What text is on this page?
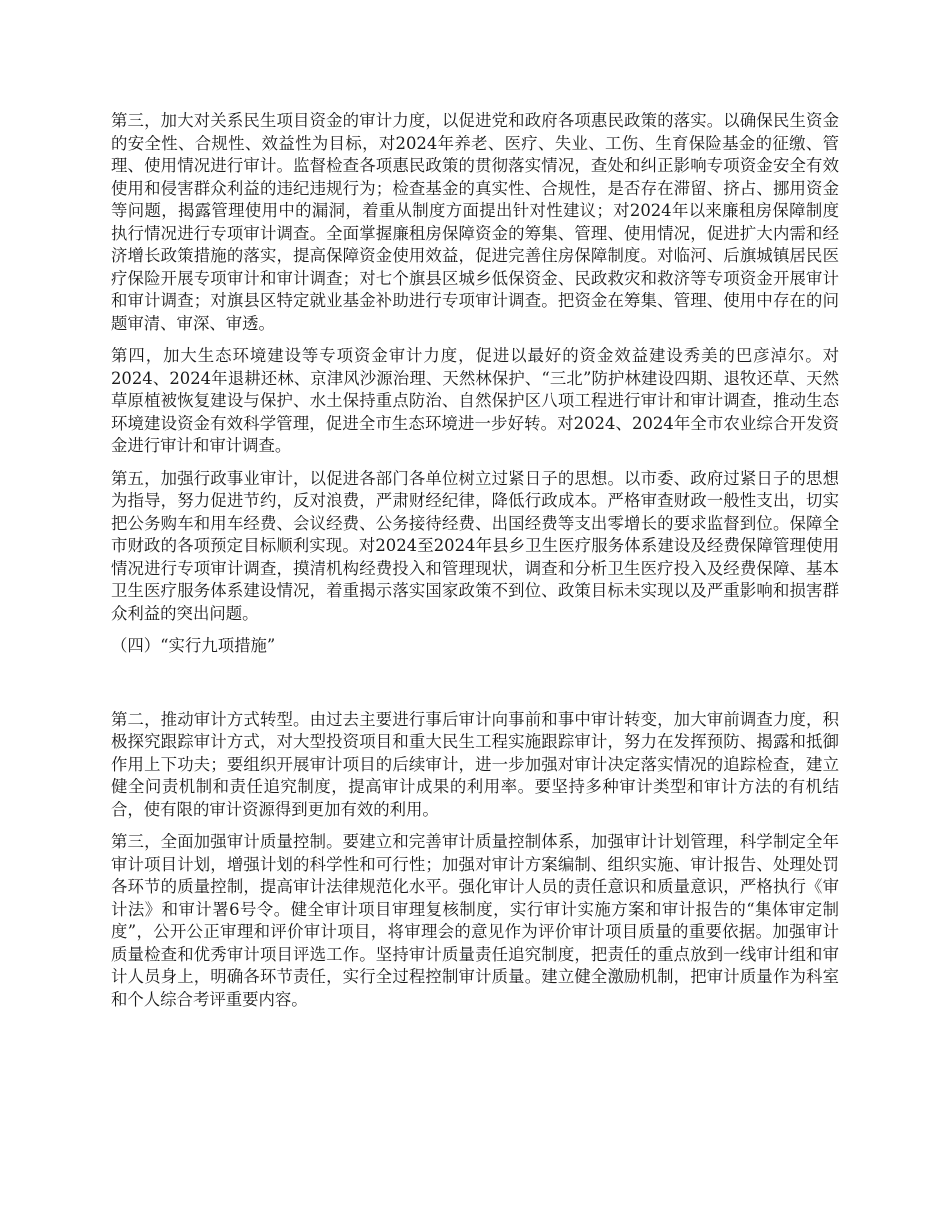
第三，加大对关系民生项目资金的审计力度，以促进党和政府各项惠民政策的落实。以确保民生资金的安全性、合规性、效益性为目标，对2024年养老、医疗、失业、工伤、生育保险基金的征缴、管理、使用情况进行审计。监督检查各项惠民政策的贯彻落实情况，查处和纠正影响专项资金安全有效使用和侵害群众利益的违纪违规行为；检查基金的真实性、合规性，是否存在滞留、挤占、挪用资金等问题，揭露管理使用中的漏洞，着重从制度方面提出针对性建议；对2024年以来廉租房保障制度执行情况进行专项审计调查。全面掌握廉租房保障资金的筹集、管理、使用情况，促进扩大内需和经济增长政策措施的落实，提高保障资金使用效益，促进完善住房保障制度。对临河、后旗城镇居民医疗保险开展专项审计和审计调查；对七个旗县区城乡低保资金、民政救灾和救济等专项资金开展审计和审计调查；对旗县区特定就业基金补助进行专项审计调查。把资金在筹集、管理、使用中存在的问题审清、审深、审透。

第四，加大生态环境建设等专项资金审计力度，促进以最好的资金效益建设秀美的巴彦淖尔。对2024、2024年退耕还林、京津风沙源治理、天然林保护、“三北”防护林建设四期、退牧还草、天然草原植被恢复建设与保护、水土保持重点防治、自然保护区八项工程进行审计和审计调查，推动生态环境建设资金有效科学管理，促进全市生态环境进一步好转。对2024、2024年全市农业综合开发资金进行审计和审计调查。

第五，加强行政事业审计，以促进各部门各单位树立过紧日子的思想。以市委、政府过紧日子的思想为指导，努力促进节约，反对浪费，严肃财经纪律，降低行政成本。严格审查财政一般性支出，切实把公务购车和用车经费、会议经费、公务接待经费、出国经费等支出零增长的要求监督到位。保障全市财政的各项预定目标顺利实现。对2024至2024年县乡卫生医疗服务体系建设及经费保障管理使用情况进行专项审计调查，摸清机构经费投入和管理现状，调查和分析卫生医疗投入及经费保障、基本卫生医疗服务体系建设情况，着重揭示落实国家政策不到位、政策目标未实现以及严重影响和损害群众利益的突出问题。

（四）“实行九项措施”

第二，推动审计方式转型。由过去主要进行事后审计向事前和事中审计转变，加大审前调查力度，积极探究跟踪审计方式，对大型投资项目和重大民生工程实施跟踪审计，努力在发挥预防、揭露和抵御作用上下功夫；要组织开展审计项目的后续审计，进一步加强对审计决定落实情况的追踪检查，建立健全问责机制和责任追究制度，提高审计成果的利用率。要坚持多种审计类型和审计方法的有机结合，使有限的审计资源得到更加有效的利用。

第三，全面加强审计质量控制。要建立和完善审计质量控制体系，加强审计计划管理，科学制定全年审计项目计划，增强计划的科学性和可行性；加强对审计方案编制、组织实施、审计报告、处理处罚各环节的质量控制，提高审计法律规范化水平。强化审计人员的责任意识和质量意识，严格执行《审计法》和审计署6号令。健全审计项目审理复核制度，实行审计实施方案和审计报告的“集体审定制度”，公开公正审理和评价审计项目，将审理会的意见作为评价审计项目质量的重要依据。加强审计质量检查和优秀审计项目评选工作。坚持审计质量责任追究制度，把责任的重点放到一线审计组和审计人员身上，明确各环节责任，实行全过程控制审计质量。建立健全激励机制，把审计质量作为科室和个人综合考评重要内容。
